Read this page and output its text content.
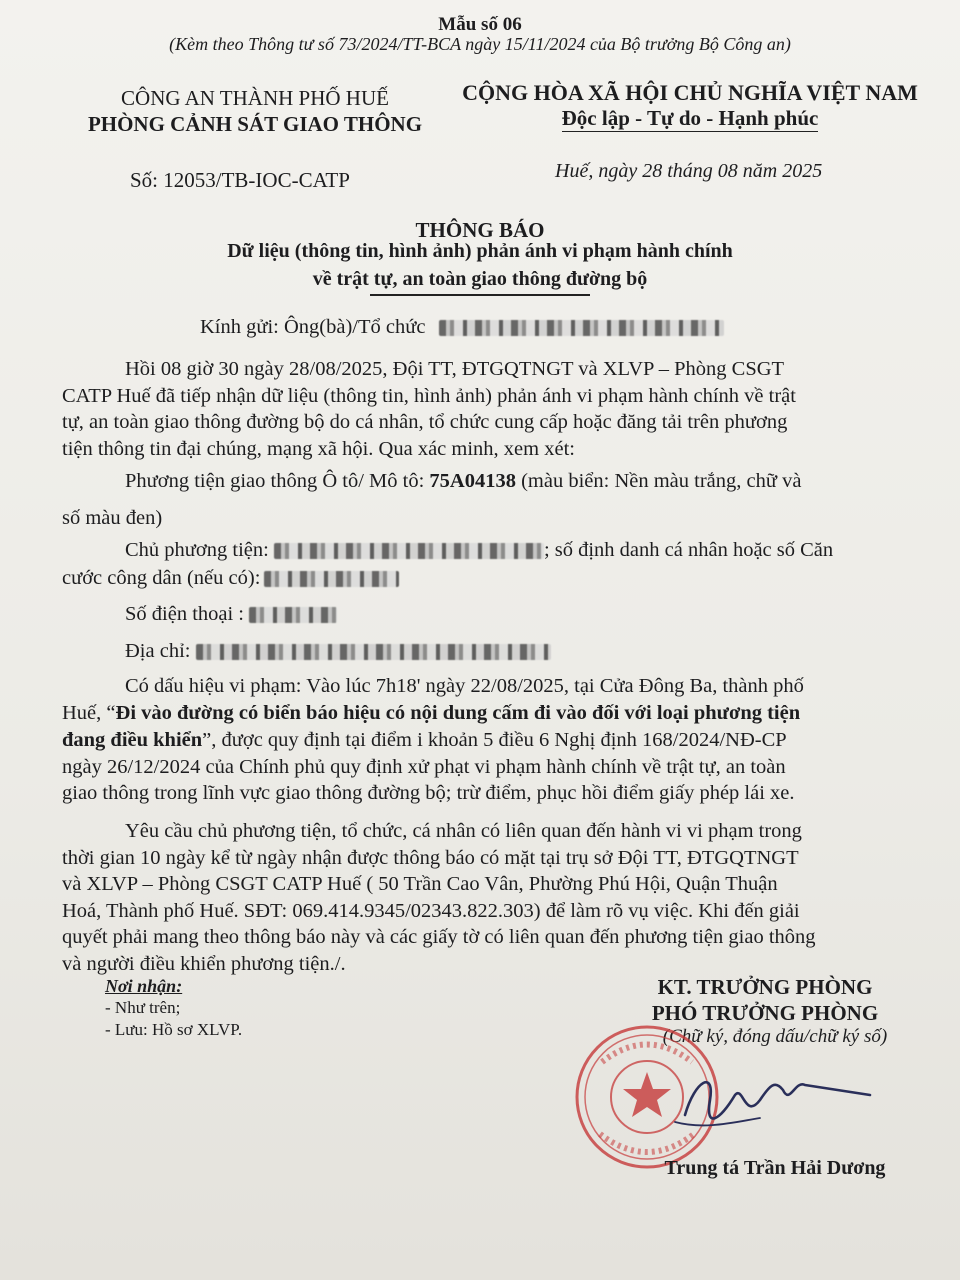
Mẫu số 06
(Kèm theo Thông tư số 73/2024/TT-BCA ngày 15/11/2024 của Bộ trưởng Bộ Công an)
CÔNG AN THÀNH PHỐ HUẾ
PHÒNG CẢNH SÁT GIAO THÔNG
CỘNG HÒA XÃ HỘI CHỦ NGHĨA VIỆT NAM
Độc lập - Tự do - Hạnh phúc
Số: 12053/TB-IOC-CATP	Huế, ngày 28 tháng 08 năm 2025
THÔNG BÁO
Dữ liệu (thông tin, hình ảnh) phản ánh vi phạm hành chính
về trật tự, an toàn giao thông đường bộ
Kính gửi: Ông(bà)/Tổ chức
Hồi 08 giờ 30 ngày 28/08/2025, Đội TT, ĐTGQTNGT và XLVP – Phòng CSGT
CATP Huế đã tiếp nhận dữ liệu (thông tin, hình ảnh) phản ánh vi phạm hành chính về trật
tự, an toàn giao thông đường bộ do cá nhân, tổ chức cung cấp hoặc đăng tải trên phương
tiện thông tin đại chúng, mạng xã hội. Qua xác minh, xem xét:
Phương tiện giao thông Ô tô/ Mô tô: 75A04138 (màu biển: Nền màu trắng, chữ và
số màu đen)
Chủ phương tiện:	; số định danh cá nhân hoặc số Căn
cước công dân (nếu có):
Số điện thoại :
Địa chỉ:
Có dấu hiệu vi phạm: Vào lúc 7h18' ngày 22/08/2025, tại Cửa Đông Ba, thành phố
Huế, “Đi vào đường có biển báo hiệu có nội dung cấm đi vào đối với loại phương tiện
đang điều khiển”, được quy định tại điểm i khoản 5 điều 6 Nghị định 168/2024/NĐ-CP
ngày 26/12/2024 của Chính phủ quy định xử phạt vi phạm hành chính về trật tự, an toàn
giao thông trong lĩnh vực giao thông đường bộ; trừ điểm, phục hồi điểm giấy phép lái xe.
Yêu cầu chủ phương tiện, tổ chức, cá nhân có liên quan đến hành vi vi phạm trong
thời gian 10 ngày kể từ ngày nhận được thông báo có mặt tại trụ sở Đội TT, ĐTGQTNGT
và XLVP – Phòng CSGT CATP Huế ( 50 Trần Cao Vân, Phường Phú Hội, Quận Thuận
Hoá, Thành phố Huế. SĐT: 069.414.9345/02343.822.303) để làm rõ vụ việc. Khi đến giải
quyết phải mang theo thông báo này và các giấy tờ có liên quan đến phương tiện giao thông
và người điều khiển phương tiện./.
Nơi nhận:
- Như trên;
- Lưu: Hồ sơ XLVP.
KT. TRƯỞNG PHÒNG
PHÓ TRƯỞNG PHÒNG
(Chữ ký, đóng dấu/chữ ký số)
Trung tá Trần Hải Dương
